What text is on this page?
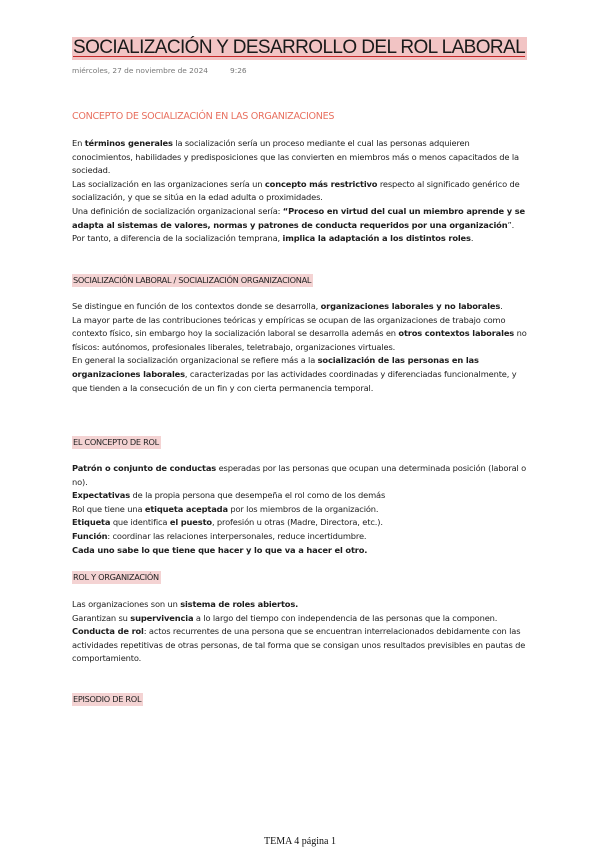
SOCIALIZACIÓN Y DESARROLLO DEL ROL LABORAL
miércoles, 27 de noviembre de 2024	9:26
CONCEPTO DE SOCIALIZACIÓN EN LAS ORGANIZACIONES

En términos generales la socialización sería un proceso mediante el cual las personas adquieren conocimientos, habilidades y predisposiciones que las convierten en miembros más o menos capacitados de la sociedad.

Las socialización en las organizaciones sería un concepto más restrictivo respecto al significado genérico de socialización, y que se sitúa en la edad adulta o proximidades.

Una definición de socialización organizacional sería: “Proceso en virtud del cual un miembro aprende y se adapta al sistemas de valores, normas y patrones de conducta requeridos por una organización”.

Por tanto, a diferencia de la socialización temprana, implica la adaptación a los distintos roles.

SOCIALIZACIÓN LABORAL / SOCIALIZACIÓN ORGANIZACIONAL

Se distingue en función de los contextos donde se desarrolla, organizaciones laborales y no laborales.

La mayor parte de las contribuciones teóricas y empíricas se ocupan de las organizaciones de trabajo como contexto físico, sin embargo hoy la socialización laboral se desarrolla además en otros contextos laborales no físicos: autónomos, profesionales liberales, teletrabajo, organizaciones virtuales.

En general la socialización organizacional se refiere más a la socialización de las personas en las organizaciones laborales, caracterizadas por las actividades coordinadas y diferenciadas funcionalmente, y que tienden a la consecución de un fin y con cierta permanencia temporal.

EL CONCEPTO DE ROL

Patrón o conjunto de conductas esperadas por las personas que ocupan una determinada posición (laboral o no).

Expectativas de la propia persona que desempeña el rol como de los demás

Rol que tiene una etiqueta aceptada por los miembros de la organización.

Etiqueta que identifica el puesto, profesión u otras (Madre, Directora, etc.).

Función: coordinar las relaciones interpersonales, reduce incertidumbre.

Cada uno sabe lo que tiene que hacer y lo que va a hacer el otro.

ROL Y ORGANIZACIÓN

Las organizaciones son un sistema de roles abiertos.

Garantizan su supervivencia a lo largo del tiempo con independencia de las personas que la componen.

Conducta de rol: actos recurrentes de una persona que se encuentran interrelacionados debidamente con las actividades repetitivas de otras personas, de tal forma que se consigan unos resultados previsibles en pautas de comportamiento.

EPISODIO DE ROL
TEMA 4 página 1
